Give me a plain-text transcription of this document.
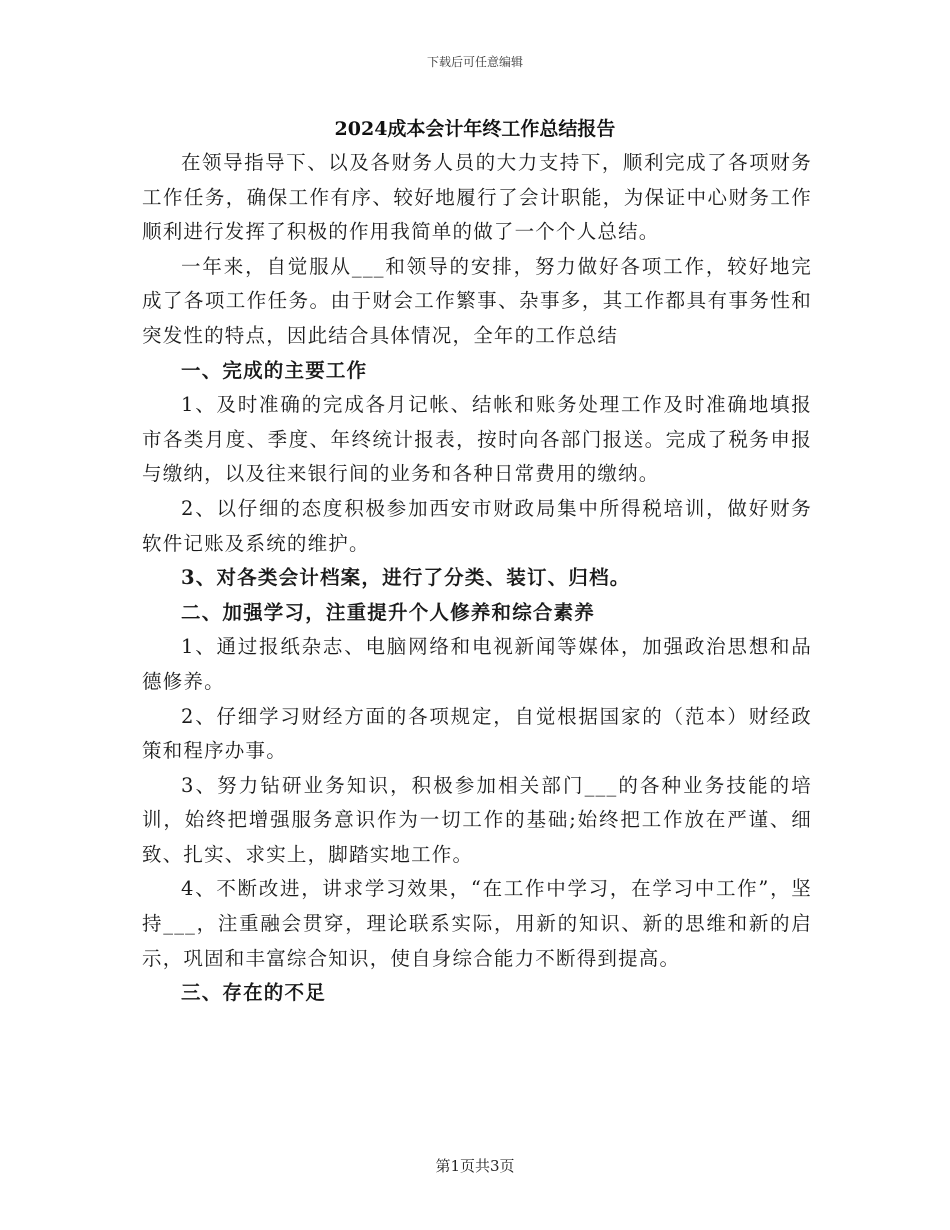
下载后可任意编辑
2024成本会计年终工作总结报告

在领导指导下、以及各财务人员的大力支持下，顺利完成了各项财务工作任务，确保工作有序、较好地履行了会计职能，为保证中心财务工作顺利进行发挥了积极的作用我简单的做了一个个人总结。

一年来，自觉服从___和领导的安排，努力做好各项工作，较好地完成了各项工作任务。由于财会工作繁事、杂事多，其工作都具有事务性和突发性的特点，因此结合具体情况，全年的工作总结

一、完成的主要工作

1、及时准确的完成各月记帐、结帐和账务处理工作及时准确地填报市各类月度、季度、年终统计报表，按时向各部门报送。完成了税务申报与缴纳，以及往来银行间的业务和各种日常费用的缴纳。

2、以仔细的态度积极参加西安市财政局集中所得税培训，做好财务软件记账及系统的维护。

3、对各类会计档案，进行了分类、装订、归档。

二、加强学习，注重提升个人修养和综合素养

1、通过报纸杂志、电脑网络和电视新闻等媒体，加强政治思想和品德修养。

2、仔细学习财经方面的各项规定，自觉根据国家的（范本）财经政策和程序办事。

3、努力钻研业务知识，积极参加相关部门___的各种业务技能的培训，始终把增强服务意识作为一切工作的基础;始终把工作放在严谨、细致、扎实、求实上，脚踏实地工作。

4、不断改进，讲求学习效果，“在工作中学习，在学习中工作”，坚持___，注重融会贯穿，理论联系实际，用新的知识、新的思维和新的启示，巩固和丰富综合知识，使自身综合能力不断得到提高。

三、存在的不足

第1页共3页
